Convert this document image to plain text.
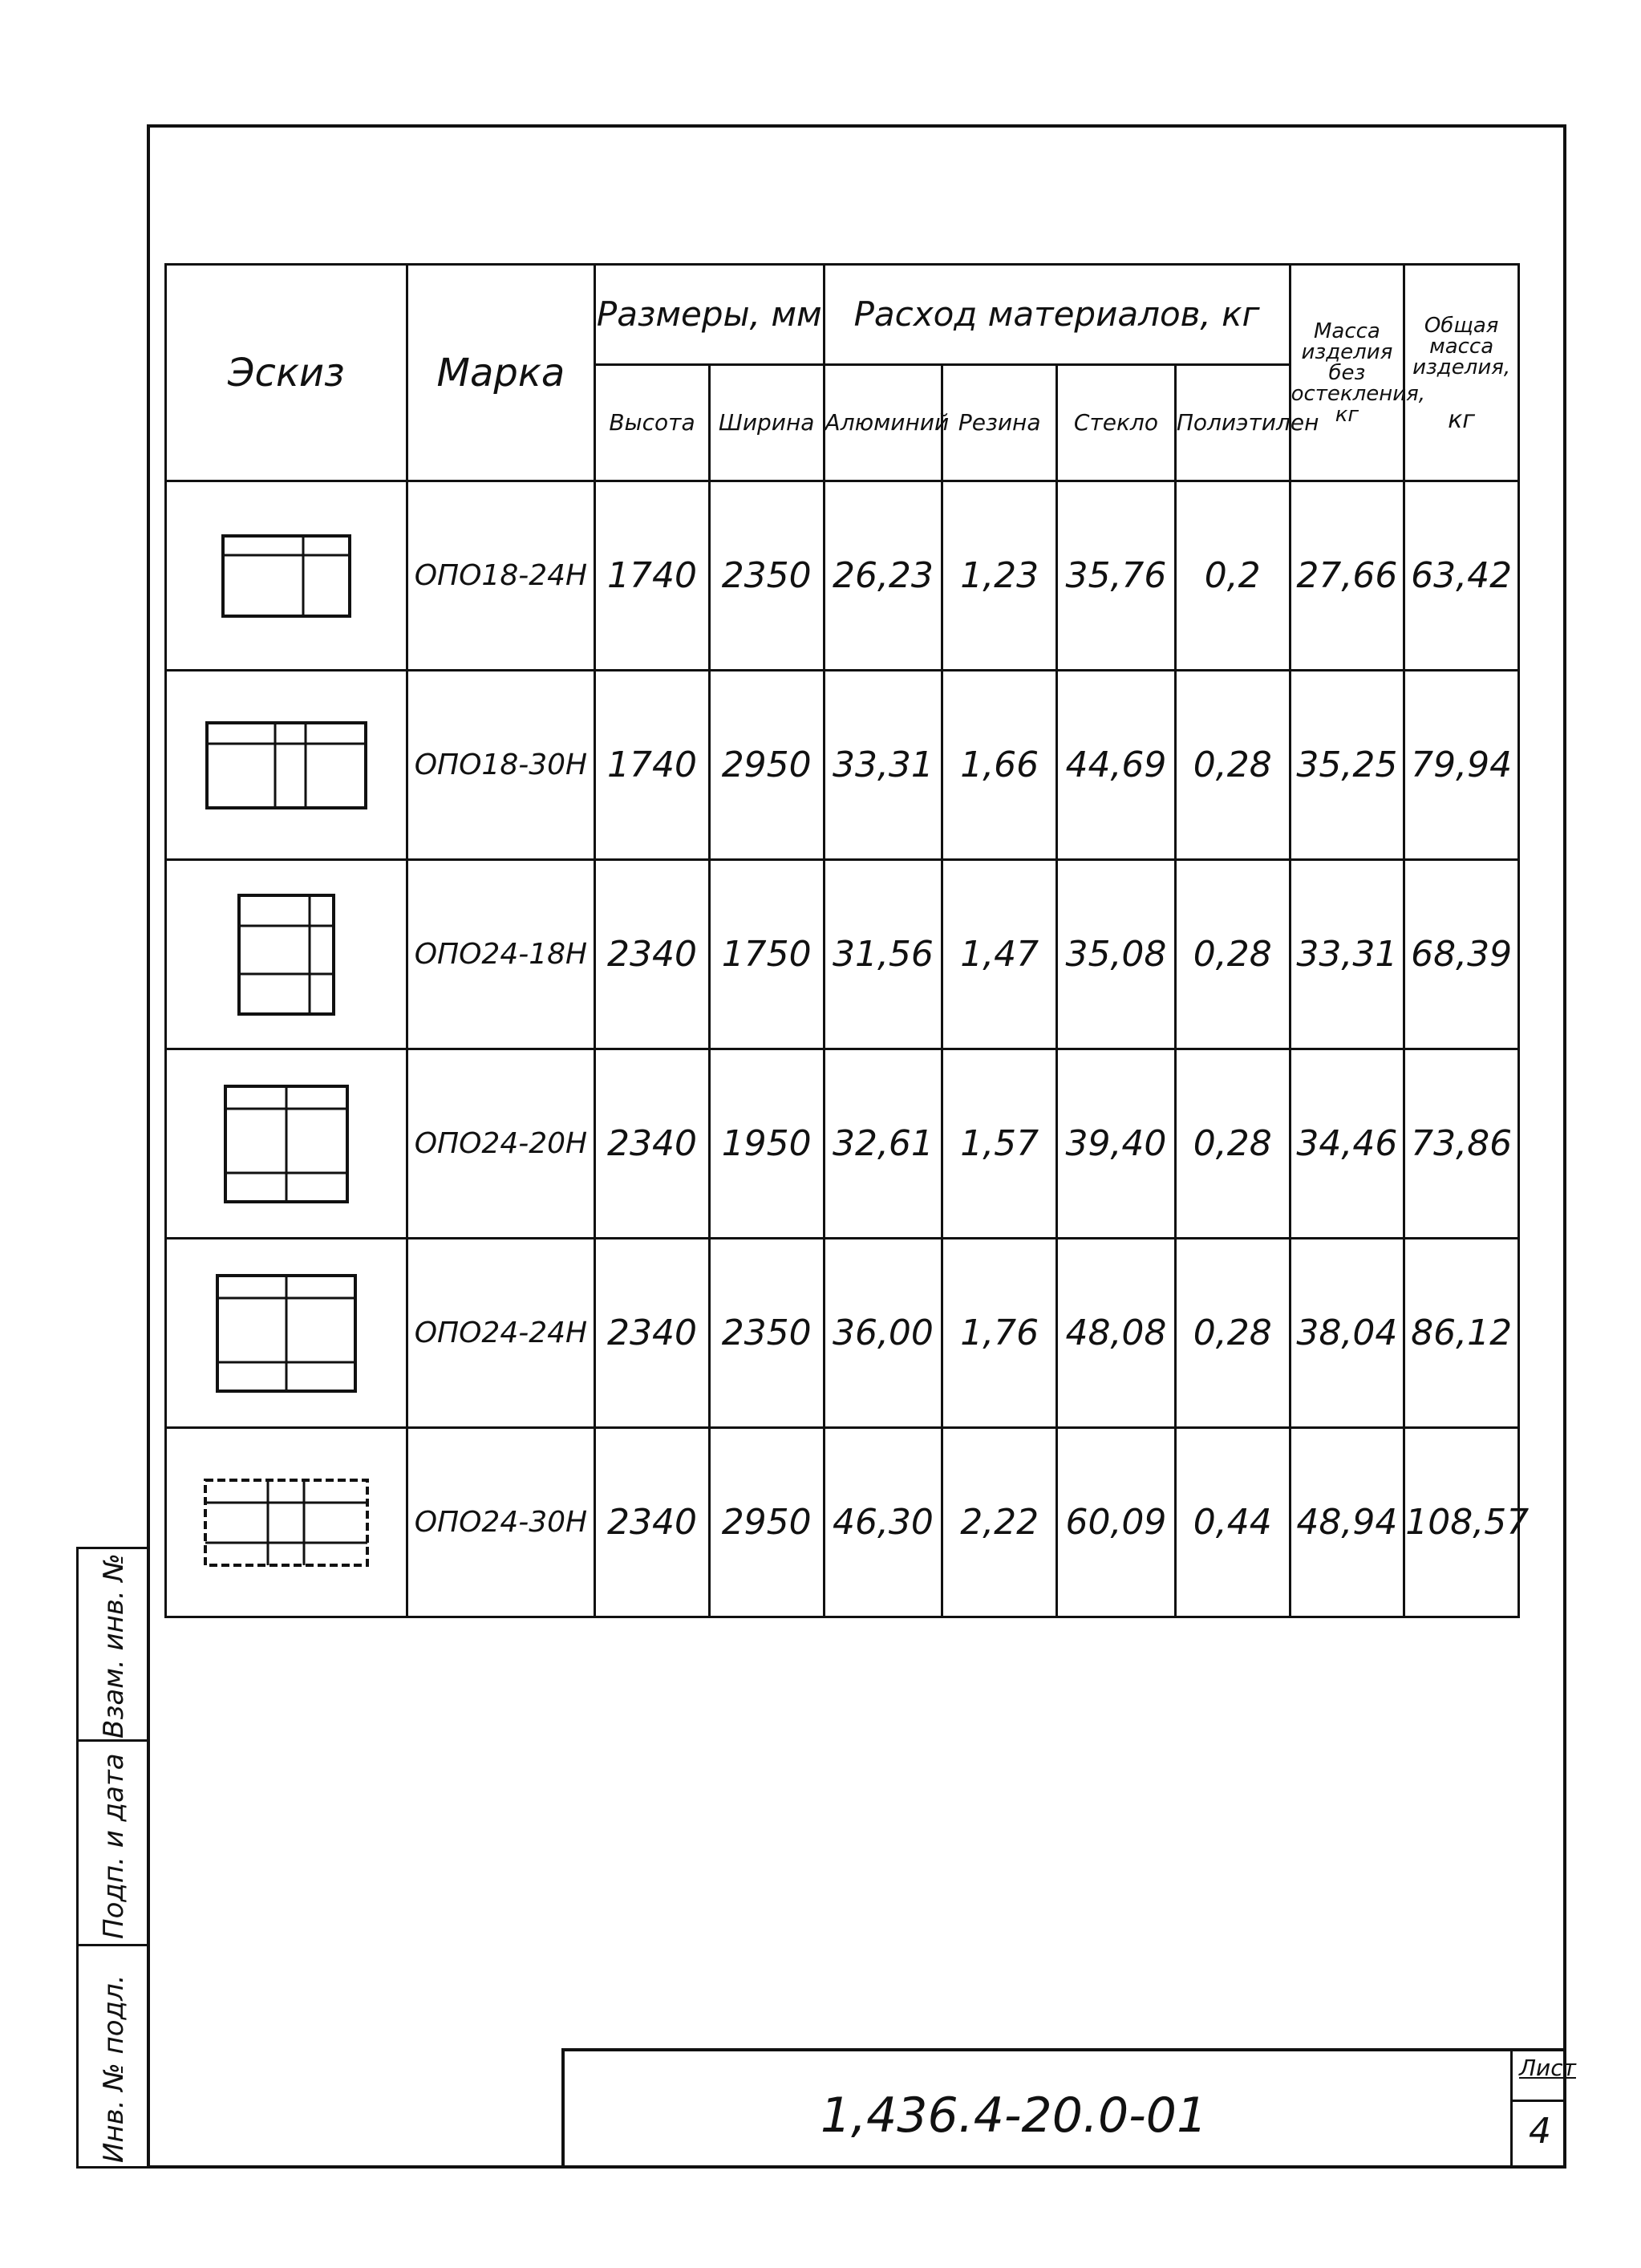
Эскиз	Марка	Размеры, мм		Расход материалов, кг				Масса изделия без остекления, кг	Общая масса изделия,
кг

		Высота	Ширина	Алюминий	Резина	Стекло	Полиэтилен		

	ОПО18-24Н	1740	2350	26,23	1,23	35,76	0,2	27,66	63,42

	ОПО18-30Н	1740	2950	33,31	1,66	44,69	0,28	35,25	79,94

	ОПО24-18Н	2340	1750	31,56	1,47	35,08	0,28	33,31	68,39

	ОПО24-20Н	2340	1950	32,61	1,57	39,40	0,28	34,46	73,86

	ОПО24-24Н	2340	2350	36,00	1,76	48,08	0,28	38,04	86,12

	ОПО24-30Н	2340	2950	46,30	2,22	60,09	0,44	48,94	108,57
Взам. инв. №
Подп. и дата
Инв. № подл.	1,436.4-20.0-01
Лист
4
